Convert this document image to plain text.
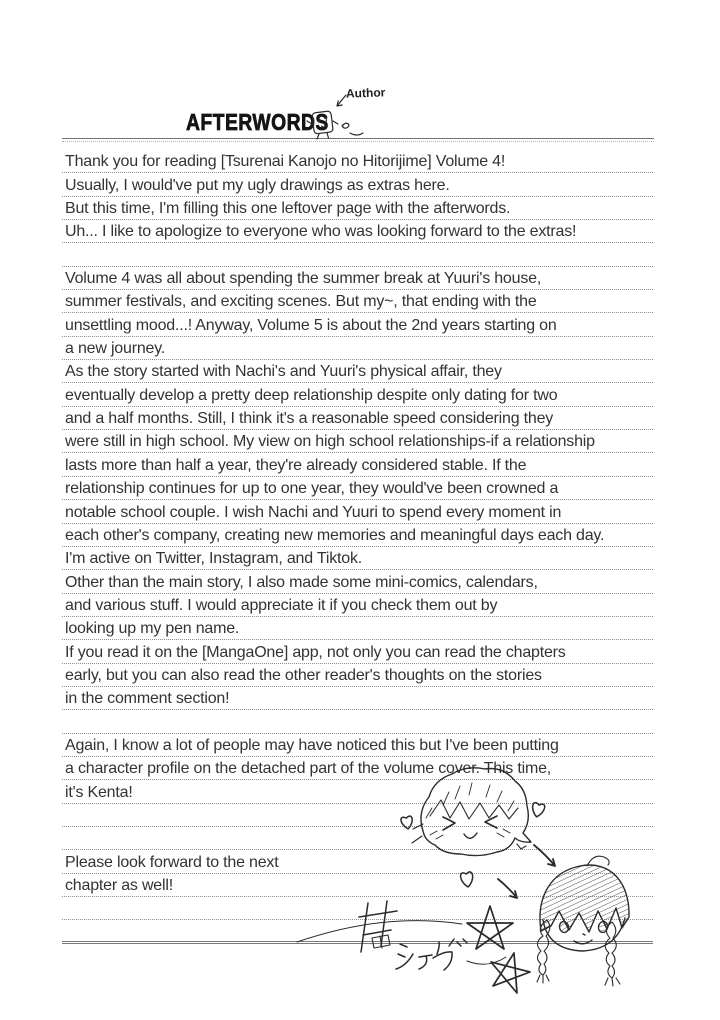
Author
AFTERWORDS
Thank you for reading [Tsurenai Kanojo no Hitorijime] Volume 4!
Usually, I would've put my ugly drawings as extras here.
But this time, I'm filling this one leftover page with the afterwords.
Uh... I like to apologize to everyone who was looking forward to the extras!
Volume 4 was all about spending the summer break at Yuuri's house,
summer festivals, and exciting scenes. But my~, that ending with the
unsettling mood...! Anyway, Volume 5 is about the 2nd years starting on
a new journey.
As the story started with Nachi's and Yuuri's physical affair, they
eventually develop a pretty deep relationship despite only dating for two
and a half months. Still, I think it's a reasonable speed considering they
were still in high school. My view on high school relationships-if a relationship
lasts more than half a year, they're already considered stable. If the
relationship continues for up to one year, they would've been crowned a
notable school couple. I wish Nachi and Yuuri to spend every moment in
each other's company, creating new memories and meaningful days each day.
I'm active on Twitter, Instagram, and Tiktok.
Other than the main story, I also made some mini-comics, calendars,
and various stuff. I would appreciate it if you check them out by
looking up my pen name.
If you read it on the [MangaOne] app, not only you can read the chapters
early, but you can also read the other reader's thoughts on the stories
in the comment section!
Again, I know a lot of people may have noticed this but I've been putting
a character profile on the detached part of the volume cover. This time,
it's Kenta!
Please look forward to the next
chapter as well!
